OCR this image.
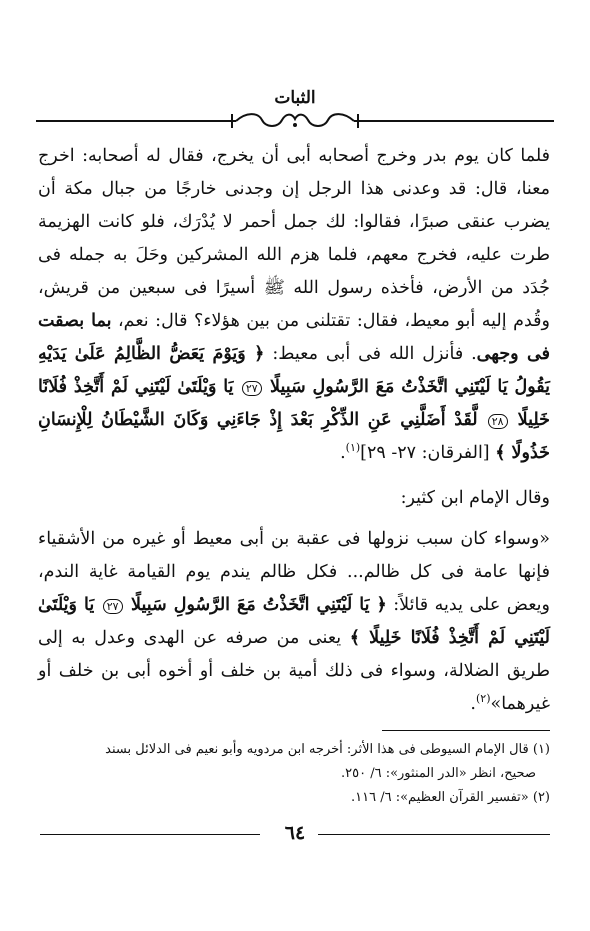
الثبات

فلما كان يوم بدر وخرج أصحابه أبى أن يخرج، فقال له أصحابه: اخرج معنا، قال: قد وعدنى هذا الرجل إن وجدنى خارجًا من جبال مكة أن يضرب عنقى صبرًا، فقالوا: لك جمل أحمر لا يُدْرَك، فلو كانت الهزيمة طرت عليه، فخرج معهم، فلما هزم الله المشركين وحَلَ به جمله فى جُدَد من الأرض، فأخذه رسول الله ﷺ أسيرًا فى سبعين من قريش، وقُدم إليه أبو معيط، فقال: تقتلنى من بين هؤلاء؟ قال: نعم، بما بصقت فى وجهى. فأنزل الله فى أبى معيط: ﴿ وَيَوْمَ يَعَضُّ الظَّالِمُ عَلَىٰ يَدَيْهِ يَقُولُ يَا لَيْتَنِي اتَّخَذْتُ مَعَ الرَّسُولِ سَبِيلًا ٢٧ يَا وَيْلَتَىٰ لَيْتَنِي لَمْ أَتَّخِذْ فُلَانًا خَلِيلًا ٢٨ لَّقَدْ أَضَلَّنِي عَنِ الذِّكْرِ بَعْدَ إِذْ جَاءَنِي وَكَانَ الشَّيْطَانُ لِلْإِنسَانِ خَذُولًا ﴾ [الفرقان: ٢٧- ٢٩]$^{(١)}$.

وقال الإمام ابن كثير:

«وسواء كان سبب نزولها فى عقبة بن أبى معيط أو غيره من الأشقياء فإنها عامة فى كل ظالم... فكل ظالم يندم يوم القيامة غاية الندم، ويعض على يديه قائلاً: ﴿ يَا لَيْتَنِي اتَّخَذْتُ مَعَ الرَّسُولِ سَبِيلًا ٢٧ يَا وَيْلَتَىٰ لَيْتَنِي لَمْ أَتَّخِذْ فُلَانًا خَلِيلًا ﴾ يعنى من صرفه عن الهدى وعدل به إلى طريق الضلالة، وسواء فى ذلك أمية بن خلف أو أخوه أبى بن خلف أو غيرهما»$^{(٢)}$.

(١) قال الإمام السيوطى فى هذا الأثر: أخرجه ابن مردويه وأبو نعيم فى الدلائل بسند
صحيح، انظر «الدر المنثور»: ٦/ ٢٥٠.
(٢) «تفسير القرآن العظيم»: ٦/ ١١٦.
٦٤
